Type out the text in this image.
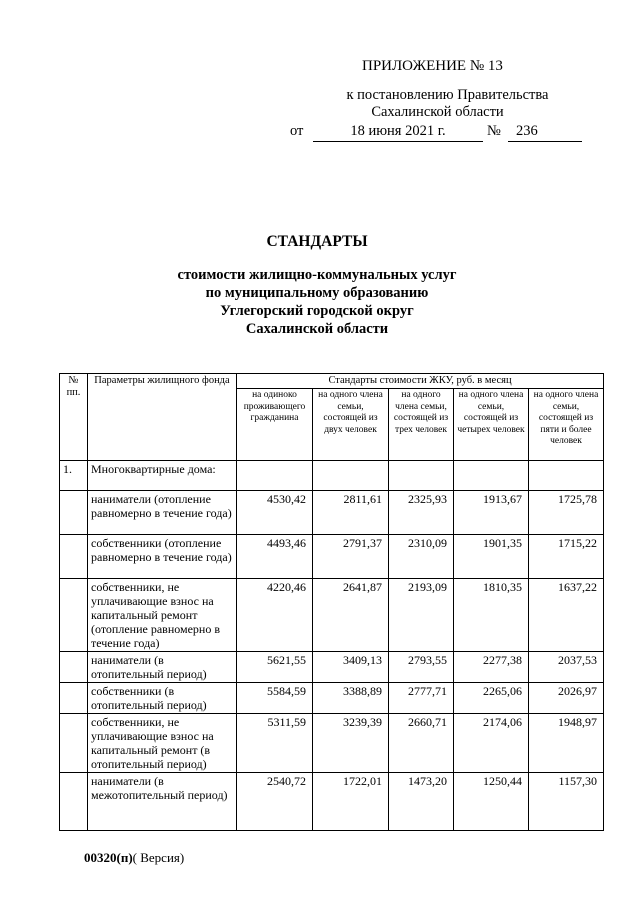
ПРИЛОЖЕНИЕ № 13
к постановлению Правительства
Сахалинской области
от	18 июня 2021 г.	№	236
СТАНДАРТЫ
стоимости жилищно-коммунальных услуг
по муниципальному образованию
Углегорский городской округ
Сахалинской области
№ пп.	Параметры жилищного фонда	Стандарты стоимости ЖКУ, руб. в месяц				
		на одиноко проживающего гражданина	на одного члена семьи, состоящей из двух человек	на одного члена семьи, состоящей из трех человек	на одного члена семьи, состоящей из четырех человек	на одного члена семьи, состоящей из пяти и более человек
1.	Многоквартирные дома:					
	наниматели (отопление равномерно в течение года)	4530,42	2811,61	2325,93	1913,67	1725,78
	собственники (отопление равномерно в течение года)	4493,46	2791,37	2310,09	1901,35	1715,22
	собственники, не уплачивающие взнос на капитальный ремонт (отопление равномерно в течение года)	4220,46	2641,87	2193,09	1810,35	1637,22
	наниматели (в отопительный период)	5621,55	3409,13	2793,55	2277,38	2037,53
	собственники (в отопительный период)	5584,59	3388,89	2777,71	2265,06	2026,97
	собственники, не уплачивающие взнос на капитальный ремонт (в отопительный период)	5311,59	3239,39	2660,71	2174,06	1948,97
	наниматели (в межотопительный период)	2540,72	1722,01	1473,20	1250,44	1157,30
00320(п)( Версия)
